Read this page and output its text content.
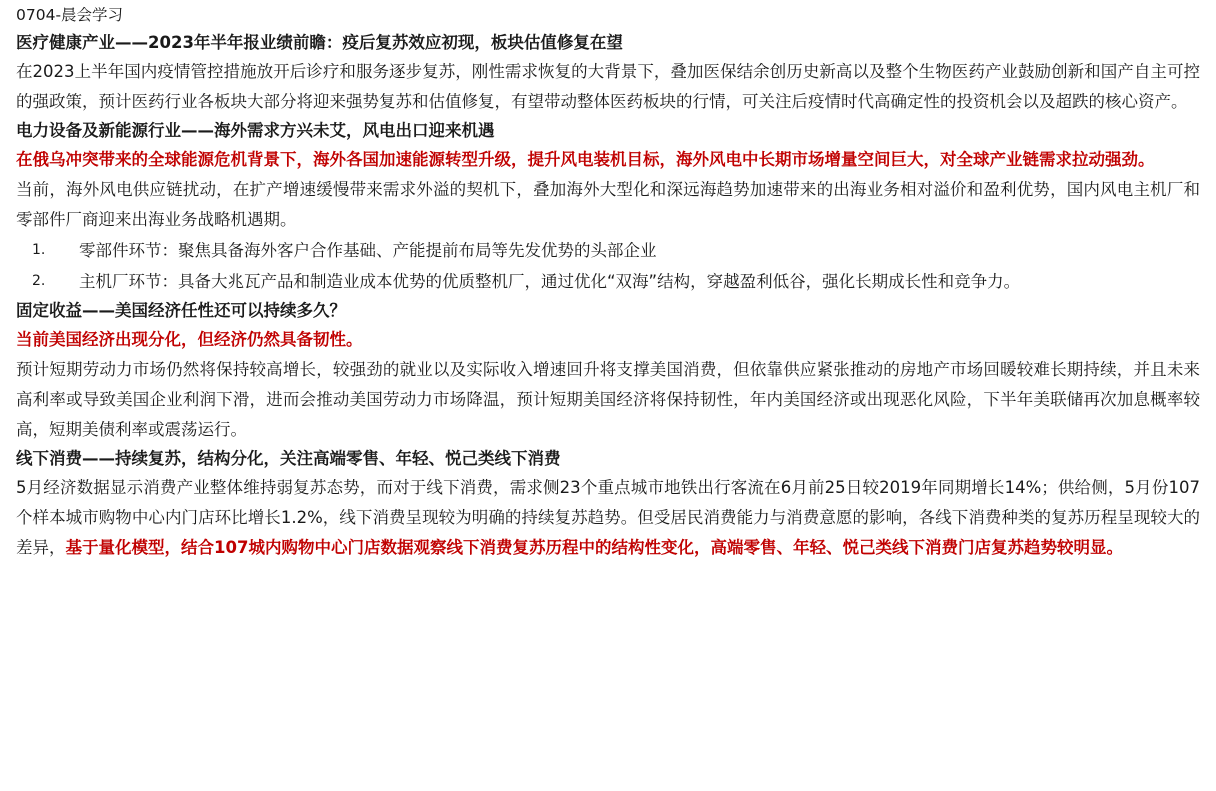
0704-晨会学习
医疗健康产业——2023年半年报业绩前瞻：疫后复苏效应初现，板块估值修复在望

在2023上半年国内疫情管控措施放开后诊疗和服务逐步复苏，刚性需求恢复的大背景下，叠加医保结余创历史新高以及整个生物医药产业鼓励创新和国产自主可控的强政策，预计医药行业各板块大部分将迎来强势复苏和估值修复，有望带动整体医药板块的行情，可关注后疫情时代高确定性的投资机会以及超跌的核心资产。

电力设备及新能源行业——海外需求方兴未艾，风电出口迎来机遇

在俄乌冲突带来的全球能源危机背景下，海外各国加速能源转型升级，提升风电装机目标，海外风电中长期市场增量空间巨大，对全球产业链需求拉动强劲。

当前，海外风电供应链扰动，在扩产增速缓慢带来需求外溢的契机下，叠加海外大型化和深远海趋势加速带来的出海业务相对溢价和盈利优势，国内风电主机厂和零部件厂商迎来出海业务战略机遇期。

1.	零部件环节：聚焦具备海外客户合作基础、产能提前布局等先发优势的头部企业
2.	主机厂环节：具备大兆瓦产品和制造业成本优势的优质整机厂，通过优化“双海”结构，穿越盈利低谷，强化长期成长性和竞争力。
固定收益——美国经济任性还可以持续多久？

当前美国经济出现分化，但经济仍然具备韧性。

预计短期劳动力市场仍然将保持较高增长，较强劲的就业以及实际收入增速回升将支撑美国消费，但依靠供应紧张推动的房地产市场回暖较难长期持续，并且未来高利率或导致美国企业利润下滑，进而会推动美国劳动力市场降温，预计短期美国经济将保持韧性，年内美国经济或出现恶化风险，下半年美联储再次加息概率较高，短期美债利率或震荡运行。

线下消费——持续复苏，结构分化，关注高端零售、年轻、悦己类线下消费

5月经济数据显示消费产业整体维持弱复苏态势，而对于线下消费，需求侧23个重点城市地铁出行客流在6月前25日较2019年同期增长14%；供给侧，5月份107个样本城市购物中心内门店环比增长1.2%，线下消费呈现较为明确的持续复苏趋势。但受居民消费能力与消费意愿的影响，各线下消费种类的复苏历程呈现较大的差异，基于量化模型，结合107城内购物中心门店数据观察线下消费复苏历程中的结构性变化，高端零售、年轻、悦己类线下消费门店复苏趋势较明显。
